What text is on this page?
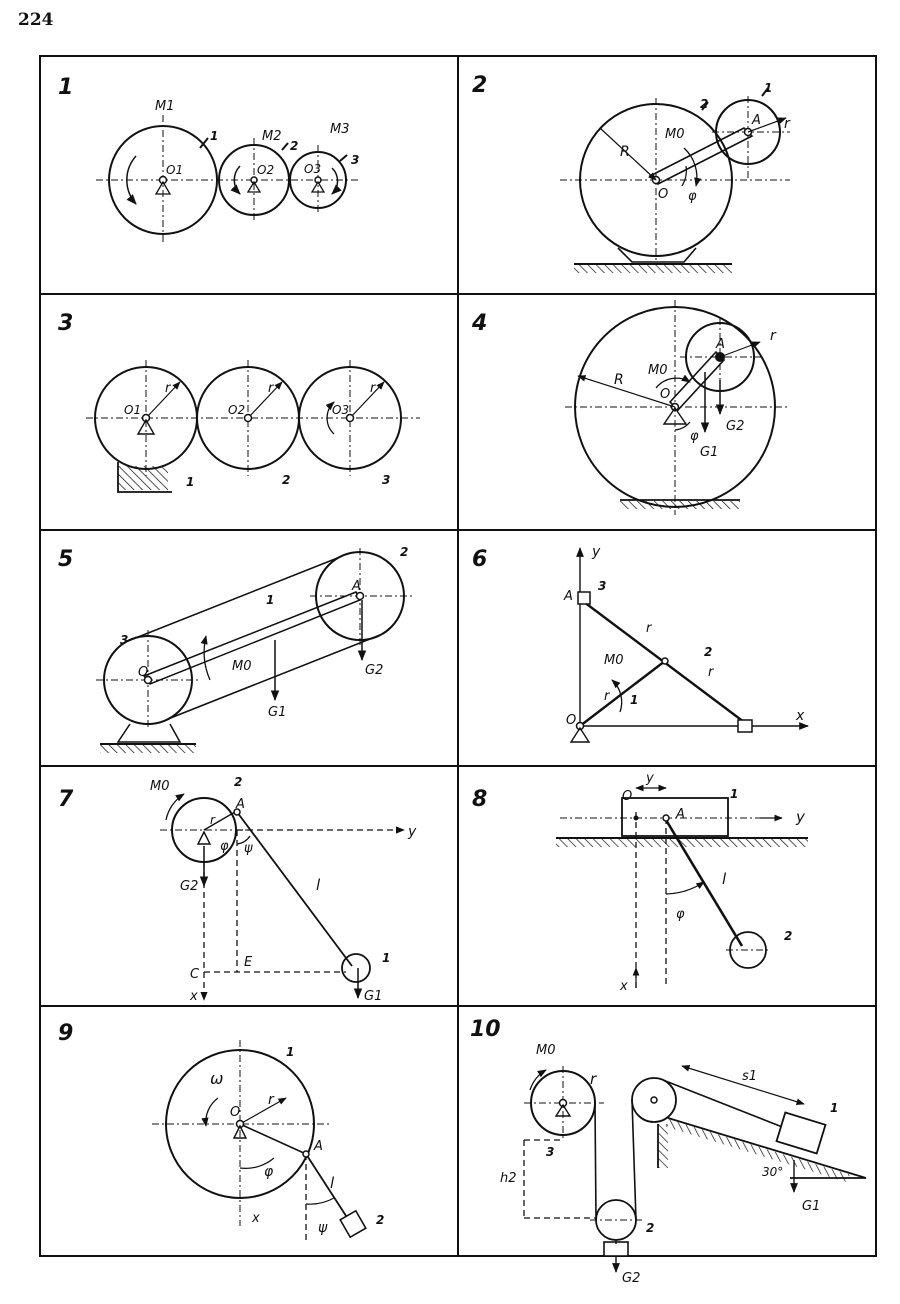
224
1
M1
M2	M3
O1	O2 O3
1
2
3
2
R
r
O
A
M0
φ
1
2
3
O1	O2	O3
r	r	r
1	2	3
4
R
r
O
A
M0
φ
G1
G2
5
O
A
M0
G1
G2
1
2
3
6	y
x
O
A
M0
r
r
r
1
2
3
7
M0
r
A
φ ψ
l
y
x
C
E
G2
G1
1
2
8	O
A
y
y
x
l
φ
1
2
9
ω
O
r
A
φ
ψ
l
x
1
2
10
M0
r	s1
h2	30°
G1
G2
1
2
3
